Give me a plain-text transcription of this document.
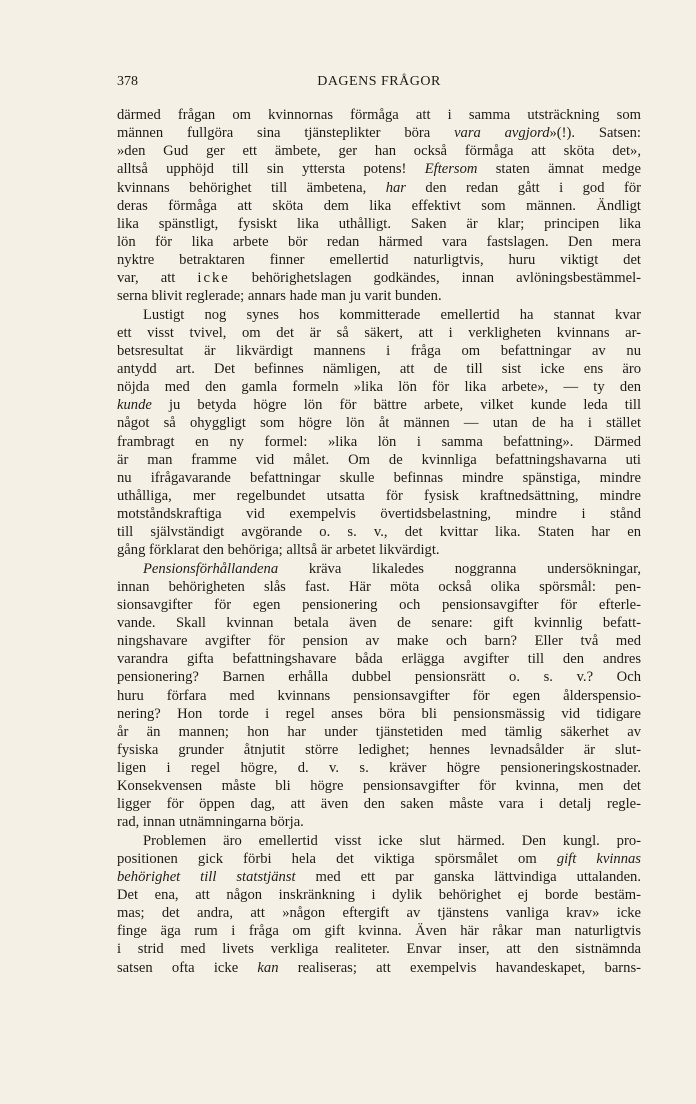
378	DAGENS FRÅGOR
därmed frågan om kvinnornas förmåga att i samma utsträckning som
männen fullgöra sina tjänsteplikter böra vara avgjord»(!). Satsen:
»den Gud ger ett ämbete, ger han också förmåga att sköta det»,
alltså upphöjd till sin yttersta potens! Eftersom staten ämnat medge
kvinnans behörighet till ämbetena, har den redan gått i god för
deras förmåga att sköta dem lika effektivt som männen. Ändligt
lika spänstligt, fysiskt lika uthålligt. Saken är klar; principen lika
lön för lika arbete bör redan härmed vara fastslagen. Den mera
nyktre betraktaren finner emellertid naturligtvis, huru viktigt det
var, att icke behörighetslagen godkändes, innan avlöningsbestämmel-
serna blivit reglerade; annars hade man ju varit bunden.
Lustigt nog synes hos kommitterade emellertid ha stannat kvar
ett visst tvivel, om det är så säkert, att i verkligheten kvinnans ar-
betsresultat är likvärdigt mannens i fråga om befattningar av nu
antydd art. Det befinnes nämligen, att de till sist icke ens äro
nöjda med den gamla formeln »lika lön för lika arbete», — ty den
kunde ju betyda högre lön för bättre arbete, vilket kunde leda till
något så ohyggligt som högre lön åt männen — utan de ha i stället
frambragt en ny formel: »lika lön i samma befattning». Därmed
är man framme vid målet. Om de kvinnliga befattningshavarna uti
nu ifrågavarande befattningar skulle befinnas mindre spänstiga, mindre
uthålliga, mer regelbundet utsatta för fysisk kraftnedsättning, mindre
motståndskraftiga vid exempelvis övertidsbelastning, mindre i stånd
till självständigt avgörande o. s. v., det kvittar lika. Staten har en
gång förklarat den behöriga; alltså är arbetet likvärdigt.
Pensionsförhållandena kräva likaledes noggranna undersökningar,
innan behörigheten slås fast. Här möta också olika spörsmål: pen-
sionsavgifter för egen pensionering och pensionsavgifter för efterle-
vande. Skall kvinnan betala även de senare: gift kvinnlig befatt-
ningshavare avgifter för pension av make och barn? Eller två med
varandra gifta befattningshavare båda erlägga avgifter till den andres
pensionering? Barnen erhålla dubbel pensionsrätt o. s. v.? Och
huru förfara med kvinnans pensionsavgifter för egen ålderspensio-
nering? Hon torde i regel anses böra bli pensionsmässig vid tidigare
år än mannen; hon har under tjänstetiden med tämlig säkerhet av
fysiska grunder åtnjutit större ledighet; hennes levnadsålder är slut-
ligen i regel högre, d. v. s. kräver högre pensioneringskostnader.
Konsekvensen måste bli högre pensionsavgifter för kvinna, men det
ligger för öppen dag, att även den saken måste vara i detalj regle-
rad, innan utnämningarna börja.
Problemen äro emellertid visst icke slut härmed. Den kungl. pro-
positionen gick förbi hela det viktiga spörsmålet om gift kvinnas
behörighet till statstjänst med ett par ganska lättvindiga uttalanden.
Det ena, att någon inskränkning i dylik behörighet ej borde bestäm-
mas; det andra, att »någon eftergift av tjänstens vanliga krav» icke
finge äga rum i fråga om gift kvinna. Även här råkar man naturligtvis
i strid med livets verkliga realiteter. Envar inser, att den sistnämnda
satsen ofta icke kan realiseras; att exempelvis havandeskapet, barns-
